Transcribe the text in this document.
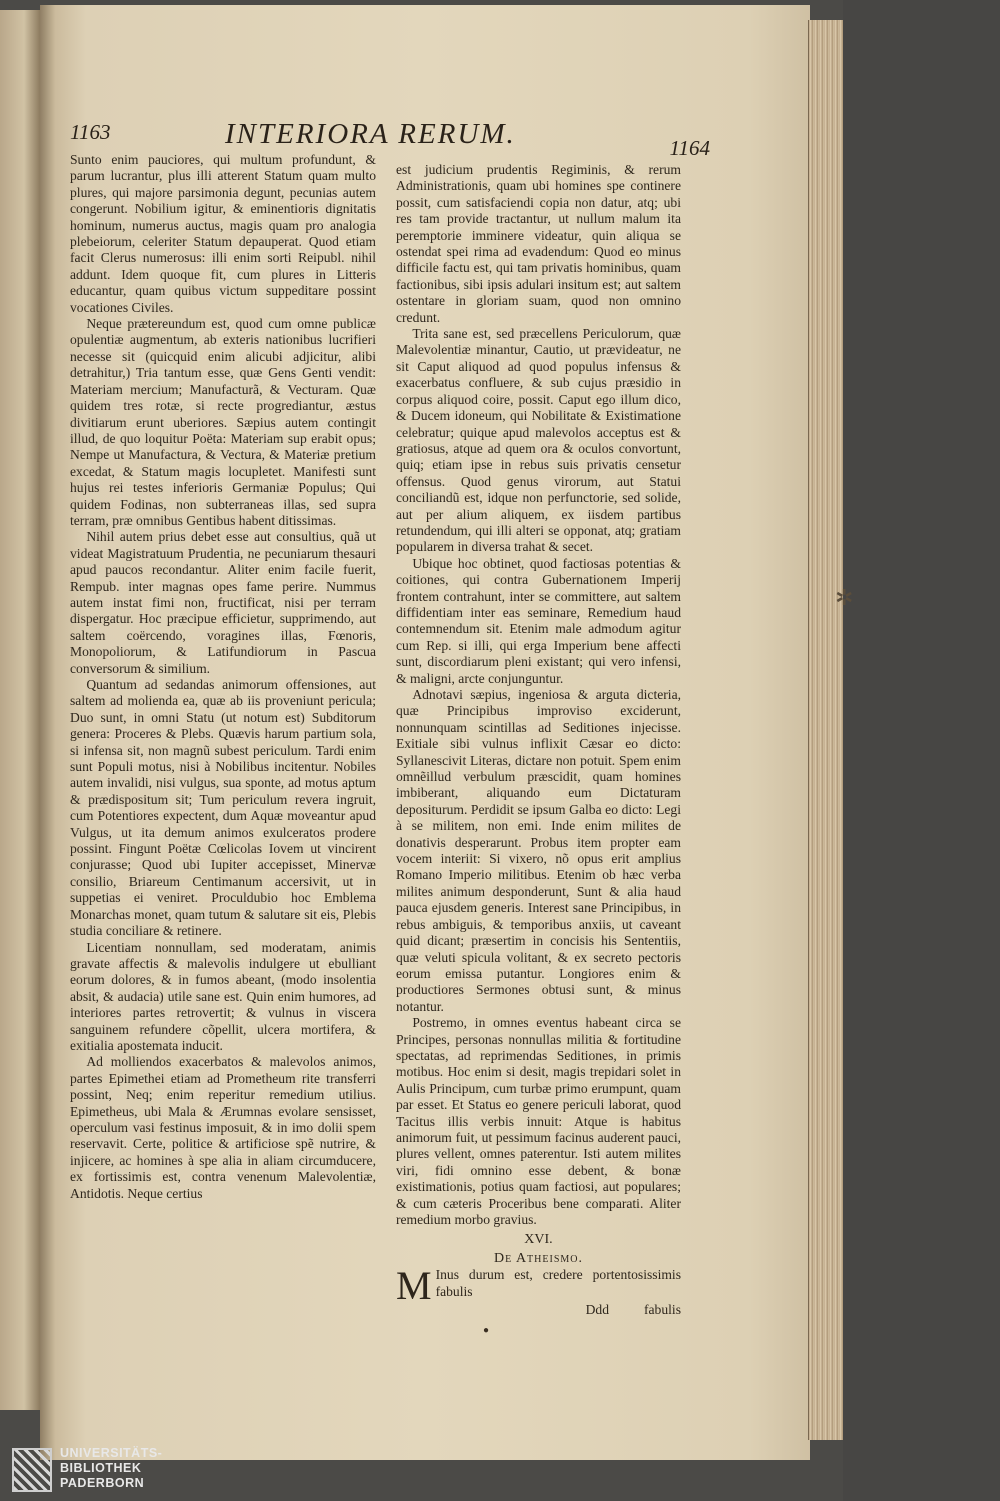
1163	INTERIORA RERUM.	1164

Sunto enim pauciores, qui multum profundunt, & parum lucrantur, plus illi atterent Statum quam multo plures, qui majore parsimonia degunt, pecunias autem congerunt. Nobilium igitur, & eminentioris dignitatis hominum, numerus auctus, magis quam pro analogia plebeiorum, celeriter Statum depauperat. Quod etiam facit Clerus numerosus: illi enim sorti Reipubl. nihil addunt. Idem quoque fit, cum plures in Litteris educantur, quam quibus victum suppeditare possint vocationes Civiles.

Neque prætereundum est, quod cum omne publicæ opulentiæ augmentum, ab exteris nationibus lucrifieri necesse sit (quicquid enim alicubi adjicitur, alibi detrahitur,) Tria tantum esse, quæ Gens Genti vendit: Materiam mercium; Manufacturã, & Vecturam. Quæ quidem tres rotæ, si recte progrediantur, æstus divitiarum erunt uberiores. Sæpius autem contingit illud, de quo loquitur Poëta: Materiam sup erabit opus; Nempe ut Manufactura, & Vectura, & Materiæ pretium excedat, & Statum magis locupletet. Manifesti sunt hujus rei testes inferioris Germaniæ Populus; Qui quidem Fodinas, non subterraneas illas, sed supra terram, præ omnibus Gentibus habent ditissimas.

Nihil autem prius debet esse aut consultius, quã ut videat Magistratuum Prudentia, ne pecuniarum thesauri apud paucos recondantur. Aliter enim facile fuerit, Rempub. inter magnas opes fame perire. Nummus autem instat fimi non, fructificat, nisi per terram dispergatur. Hoc præcipue efficietur, supprimendo, aut saltem coërcendo, voragines illas, Fœnoris, Monopoliorum, & Latifundiorum in Pascua conversorum & similium.

Quantum ad sedandas animorum offensiones, aut saltem ad molienda ea, quæ ab iis proveniunt pericula; Duo sunt, in omni Statu (ut notum est) Subditorum genera: Proceres & Plebs. Quævis harum partium sola, si infensa sit, non magnũ subest periculum. Tardi enim sunt Populi motus, nisi à Nobilibus incitentur. Nobiles autem invalidi, nisi vulgus, sua sponte, ad motus aptum & prædispositum sit; Tum periculum revera ingruit, cum Potentiores expectent, dum Aquæ moveantur apud Vulgus, ut ita demum animos exulceratos prodere possint. Fingunt Poëtæ Cœlicolas Iovem ut vincirent conjurasse; Quod ubi Iupiter accepisset, Minervæ consilio, Briareum Centimanum accersivit, ut in suppetias ei veniret. Proculdubio hoc Emblema Monarchas monet, quam tutum & salutare sit eis, Plebis studia conciliare & retinere.

Licentiam nonnullam, sed moderatam, animis gravate affectis & malevolis indulgere ut ebulliant eorum dolores, & in fumos abeant, (modo insolentia absit, & audacia) utile sane est. Quin enim humores, ad interiores partes retrovertit; & vulnus in viscera sanguinem refundere cõpellit, ulcera mortifera, & exitialia apostemata inducit.

Ad molliendos exacerbatos & malevolos animos, partes Epimethei etiam ad Prometheum rite transferri possint, Neq; enim reperitur remedium utilius. Epimetheus, ubi Mala & Ærumnas evolare sensisset, operculum vasi festinus imposuit, & in imo dolii spem reservavit. Certe, politice & artificiose spẽ nutrire, & injicere, ac homines à spe alia in aliam circumducere, ex fortissimis est, contra venenum Malevolentiæ, Antidotis. Neque certius

est judicium prudentis Regiminis, & rerum Administrationis, quam ubi homines spe continere possit, cum satisfaciendi copia non datur, atq; ubi res tam provide tractantur, ut nullum malum ita peremptorie imminere videatur, quin aliqua se ostendat spei rima ad evadendum: Quod eo minus difficile factu est, qui tam privatis hominibus, quam factionibus, sibi ipsis adulari insitum est; aut saltem ostentare in gloriam suam, quod non omnino credunt.

Trita sane est, sed præcellens Periculorum, quæ Malevolentiæ minantur, Cautio, ut prævideatur, ne sit Caput aliquod ad quod populus infensus & exacerbatus confluere, & sub cujus præsidio in corpus aliquod coire, possit. Caput ego illum dico, & Ducem idoneum, qui Nobilitate & Existimatione celebratur; quique apud malevolos acceptus est & gratiosus, atque ad quem ora & oculos convortunt, quiq; etiam ipse in rebus suis privatis censetur offensus. Quod genus virorum, aut Statui conciliandũ est, idque non perfunctorie, sed solide, aut per alium aliquem, ex iisdem partibus retundendum, qui illi alteri se opponat, atq; gratiam popularem in diversa trahat & secet.

Ubique hoc obtinet, quod factiosas potentias & coitiones, qui contra Gubernationem Imperij frontem contrahunt, inter se committere, aut saltem diffidentiam inter eas seminare, Remedium haud contemnendum sit. Etenim male admodum agitur cum Rep. si illi, qui erga Imperium bene affecti sunt, discordiarum pleni existant; qui vero infensi, & maligni, arcte conjunguntur.

Adnotavi sæpius, ingeniosa & arguta dicteria, quæ Principibus improviso exciderunt, nonnunquam scintillas ad Seditiones injecisse. Exitiale sibi vulnus inflixit Cæsar eo dicto: Syllanescivit Literas, dictare non potuit. Spem enim omnẽillud verbulum præscidit, quam homines imbiberant, aliquando eum Dictaturam depositurum. Perdidit se ipsum Galba eo dicto: Legi à se militem, non emi. Inde enim milites de donativis desperarunt. Probus item propter eam vocem interiit: Si vixero, nõ opus erit amplius Romano Imperio militibus. Etenim ob hæc verba milites animum desponderunt, Sunt & alia haud pauca ejusdem generis. Interest sane Principibus, in rebus ambiguis, & temporibus anxiis, ut caveant quid dicant; præsertim in concisis his Sententiis, quæ veluti spicula volitant, & ex secreto pectoris eorum emissa putantur. Longiores enim & productiores Sermones obtusi sunt, & minus notantur.

Postremo, in omnes eventus habeant circa se Principes, personas nonnullas militia & fortitudine spectatas, ad reprimendas Seditiones, in primis motibus. Hoc enim si desit, magis trepidari solet in Aulis Principum, cum turbæ primo erumpunt, quam par esset. Et Status eo genere periculi laborat, quod Tacitus illis verbis innuit: Atque is habitus animorum fuit, ut pessimum facinus auderent pauci, plures vellent, omnes paterentur. Isti autem milites viri, fidi omnino esse debent, & bonæ existimationis, potius quam factiosi, aut populares; & cum cæteris Proceribus bene comparati. Aliter remedium morbo gravius.

XVI.
De Atheismo.

M Inus durum est, credere portentosissimis fabulis

Ddd	fabulis
●
✲
UNIVERSITÄTS-
BIBLIOTHEK
PADERBORN
